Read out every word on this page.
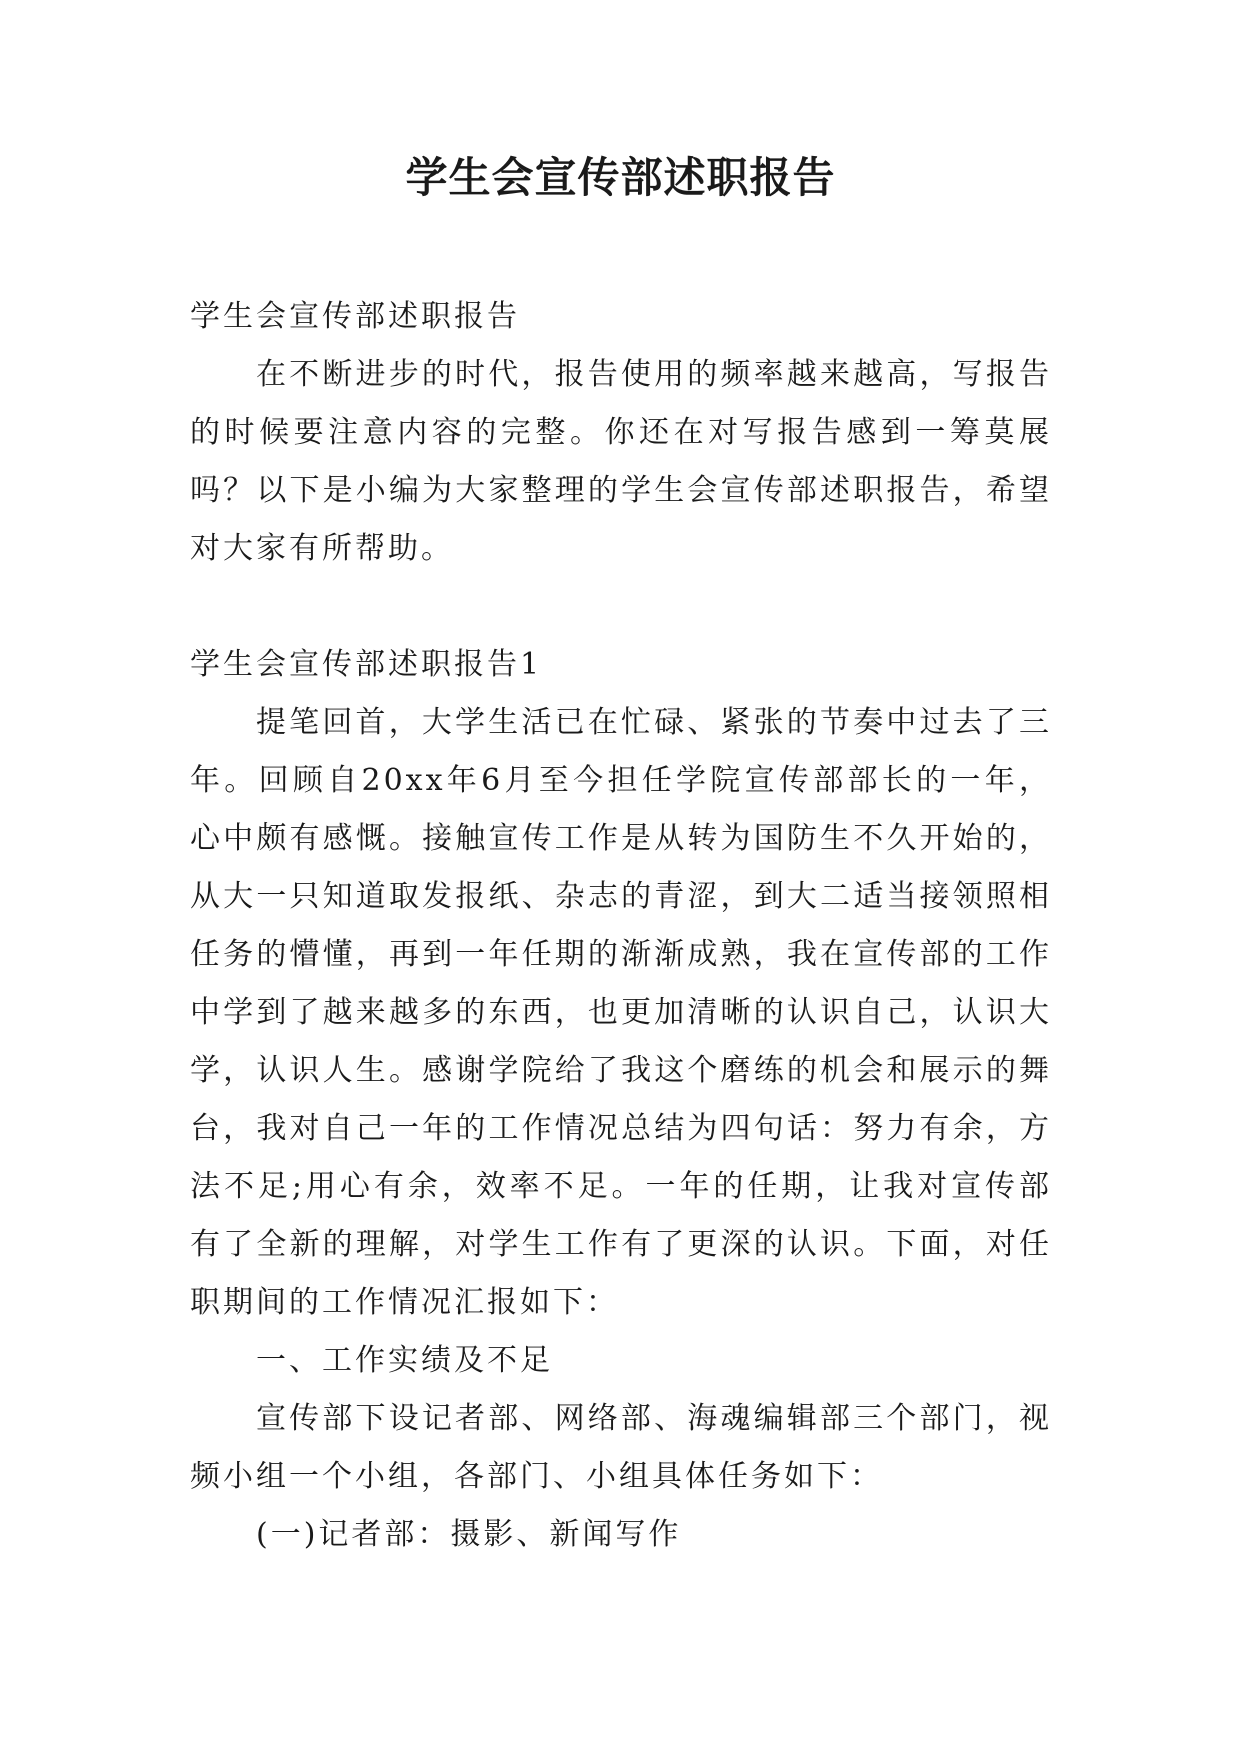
学生会宣传部述职报告

学生会宣传部述职报告

在不断进步的时代，报告使用的频率越来越高，写报告的时候要注意内容的完整。你还在对写报告感到一筹莫展吗？以下是小编为大家整理的学生会宣传部述职报告，希望对大家有所帮助。

学生会宣传部述职报告1

提笔回首，大学生活已在忙碌、紧张的节奏中过去了三年。回顾自20xx年6月至今担任学院宣传部部长的一年，心中颇有感慨。接触宣传工作是从转为国防生不久开始的，从大一只知道取发报纸、杂志的青涩，到大二适当接领照相任务的懵懂，再到一年任期的渐渐成熟，我在宣传部的工作中学到了越来越多的东西，也更加清晰的认识自己，认识大学，认识人生。感谢学院给了我这个磨练的机会和展示的舞台，我对自己一年的工作情况总结为四句话：努力有余，方法不足;用心有余，效率不足。一年的任期，让我对宣传部有了全新的理解，对学生工作有了更深的认识。下面，对任职期间的工作情况汇报如下：

一、工作实绩及不足

宣传部下设记者部、网络部、海魂编辑部三个部门，视频小组一个小组，各部门、小组具体任务如下：

(一)记者部：摄影、新闻写作
